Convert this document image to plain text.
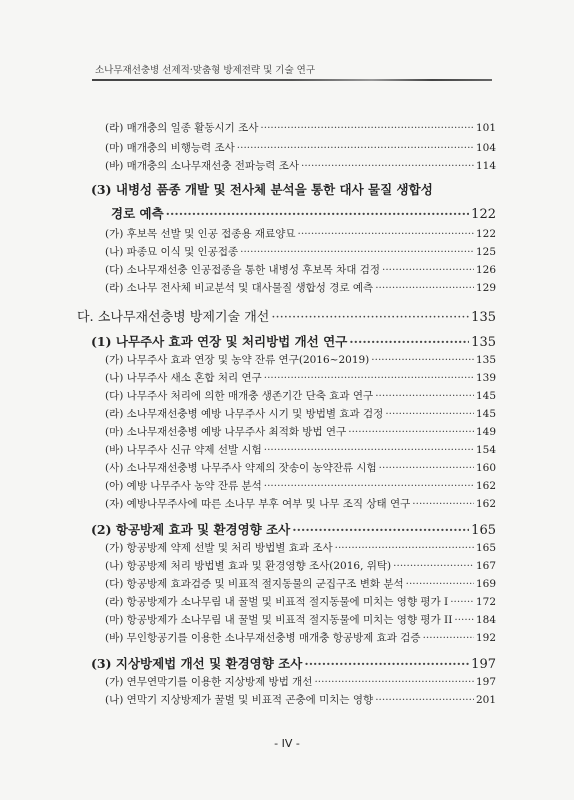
소나무재선충병 선제적·맞춤형 방제전략 및 기술 연구
(라) 매개충의 일종 활동시기 조사 ·····	101
(마) 매개충의 비행능력 조사 ·····	104
(바) 매개충의 소나무재선충 전파능력 조사 ·····	114
(3) 내병성 품종 개발 및 전사체 분석을 통한 대사 물질 생합성
경로 예측 ·····	122
(가) 후보목 선발 및 인공 접종용 재료양묘 ·····	122
(나) 파종묘 이식 및 인공접종 ·····	125
(다) 소나무재선충 인공접종을 통한 내병성 후보목 차대 검정 ·····	126
(라) 소나무 전사체 비교분석 및 대사물질 생합성 경로 예측 ·····	129
다. 소나무재선충병 방제기술 개선 ·····	135
(1) 나무주사 효과 연장 및 처리방법 개선 연구 ·····	135
(가) 나무주사 효과 연장 및 농약 잔류 연구(2016~2019) ·····	135
(나) 나무주사 새소 혼합 처리 연구 ·····	139
(다) 나무주사 처리에 의한 매개충 생존기간 단축 효과 연구 ·····	145
(라) 소나무재선충병 예방 나무주사 시기 및 방법별 효과 검정 ·····	145
(마) 소나무재선충병 예방 나무주사 최적화 방법 연구 ·····	149
(바) 나무주사 신규 약제 선발 시험 ·····	154
(사) 소나무재선충병 나무주사 약제의 잣송이 농약잔류 시험 ·····	160
(아) 예방 나무주사 농약 잔류 분석 ·····	162
(자) 예방나무주사에 따른 소나무 부후 여부 및 나무 조직 상태 연구 ·····	162
(2) 항공방제 효과 및 환경영향 조사 ·····	165
(가) 항공방제 약제 선발 및 처리 방법별 효과 조사 ·····	165
(나) 항공방제 처리 방법별 효과 및 환경영향 조사(2016, 위탁) ·····	167
(다) 항공방제 효과검증 및 비표적 절지동물의 군집구조 변화 분석 ·····	169
(라) 항공방제가 소나무림 내 꿀벌 및 비표적 절지동물에 미치는 영향 평가 I ·····	172
(마) 항공방제가 소나무림 내 꿀벌 및 비표적 절지동물에 미치는 영향 평가 II ····· 184
(바) 무인항공기를 이용한 소나무재선충병 매개충 항공방제 효과 검증 ·····	192
(3) 지상방제법 개선 및 환경영향 조사 ·····	197
(가) 연무연막기를 이용한 지상방제 방법 개선 ·····	197
(나) 연막기 지상방제가 꿀벌 및 비표적 곤충에 미치는 영향 ·····	201
- IV -
